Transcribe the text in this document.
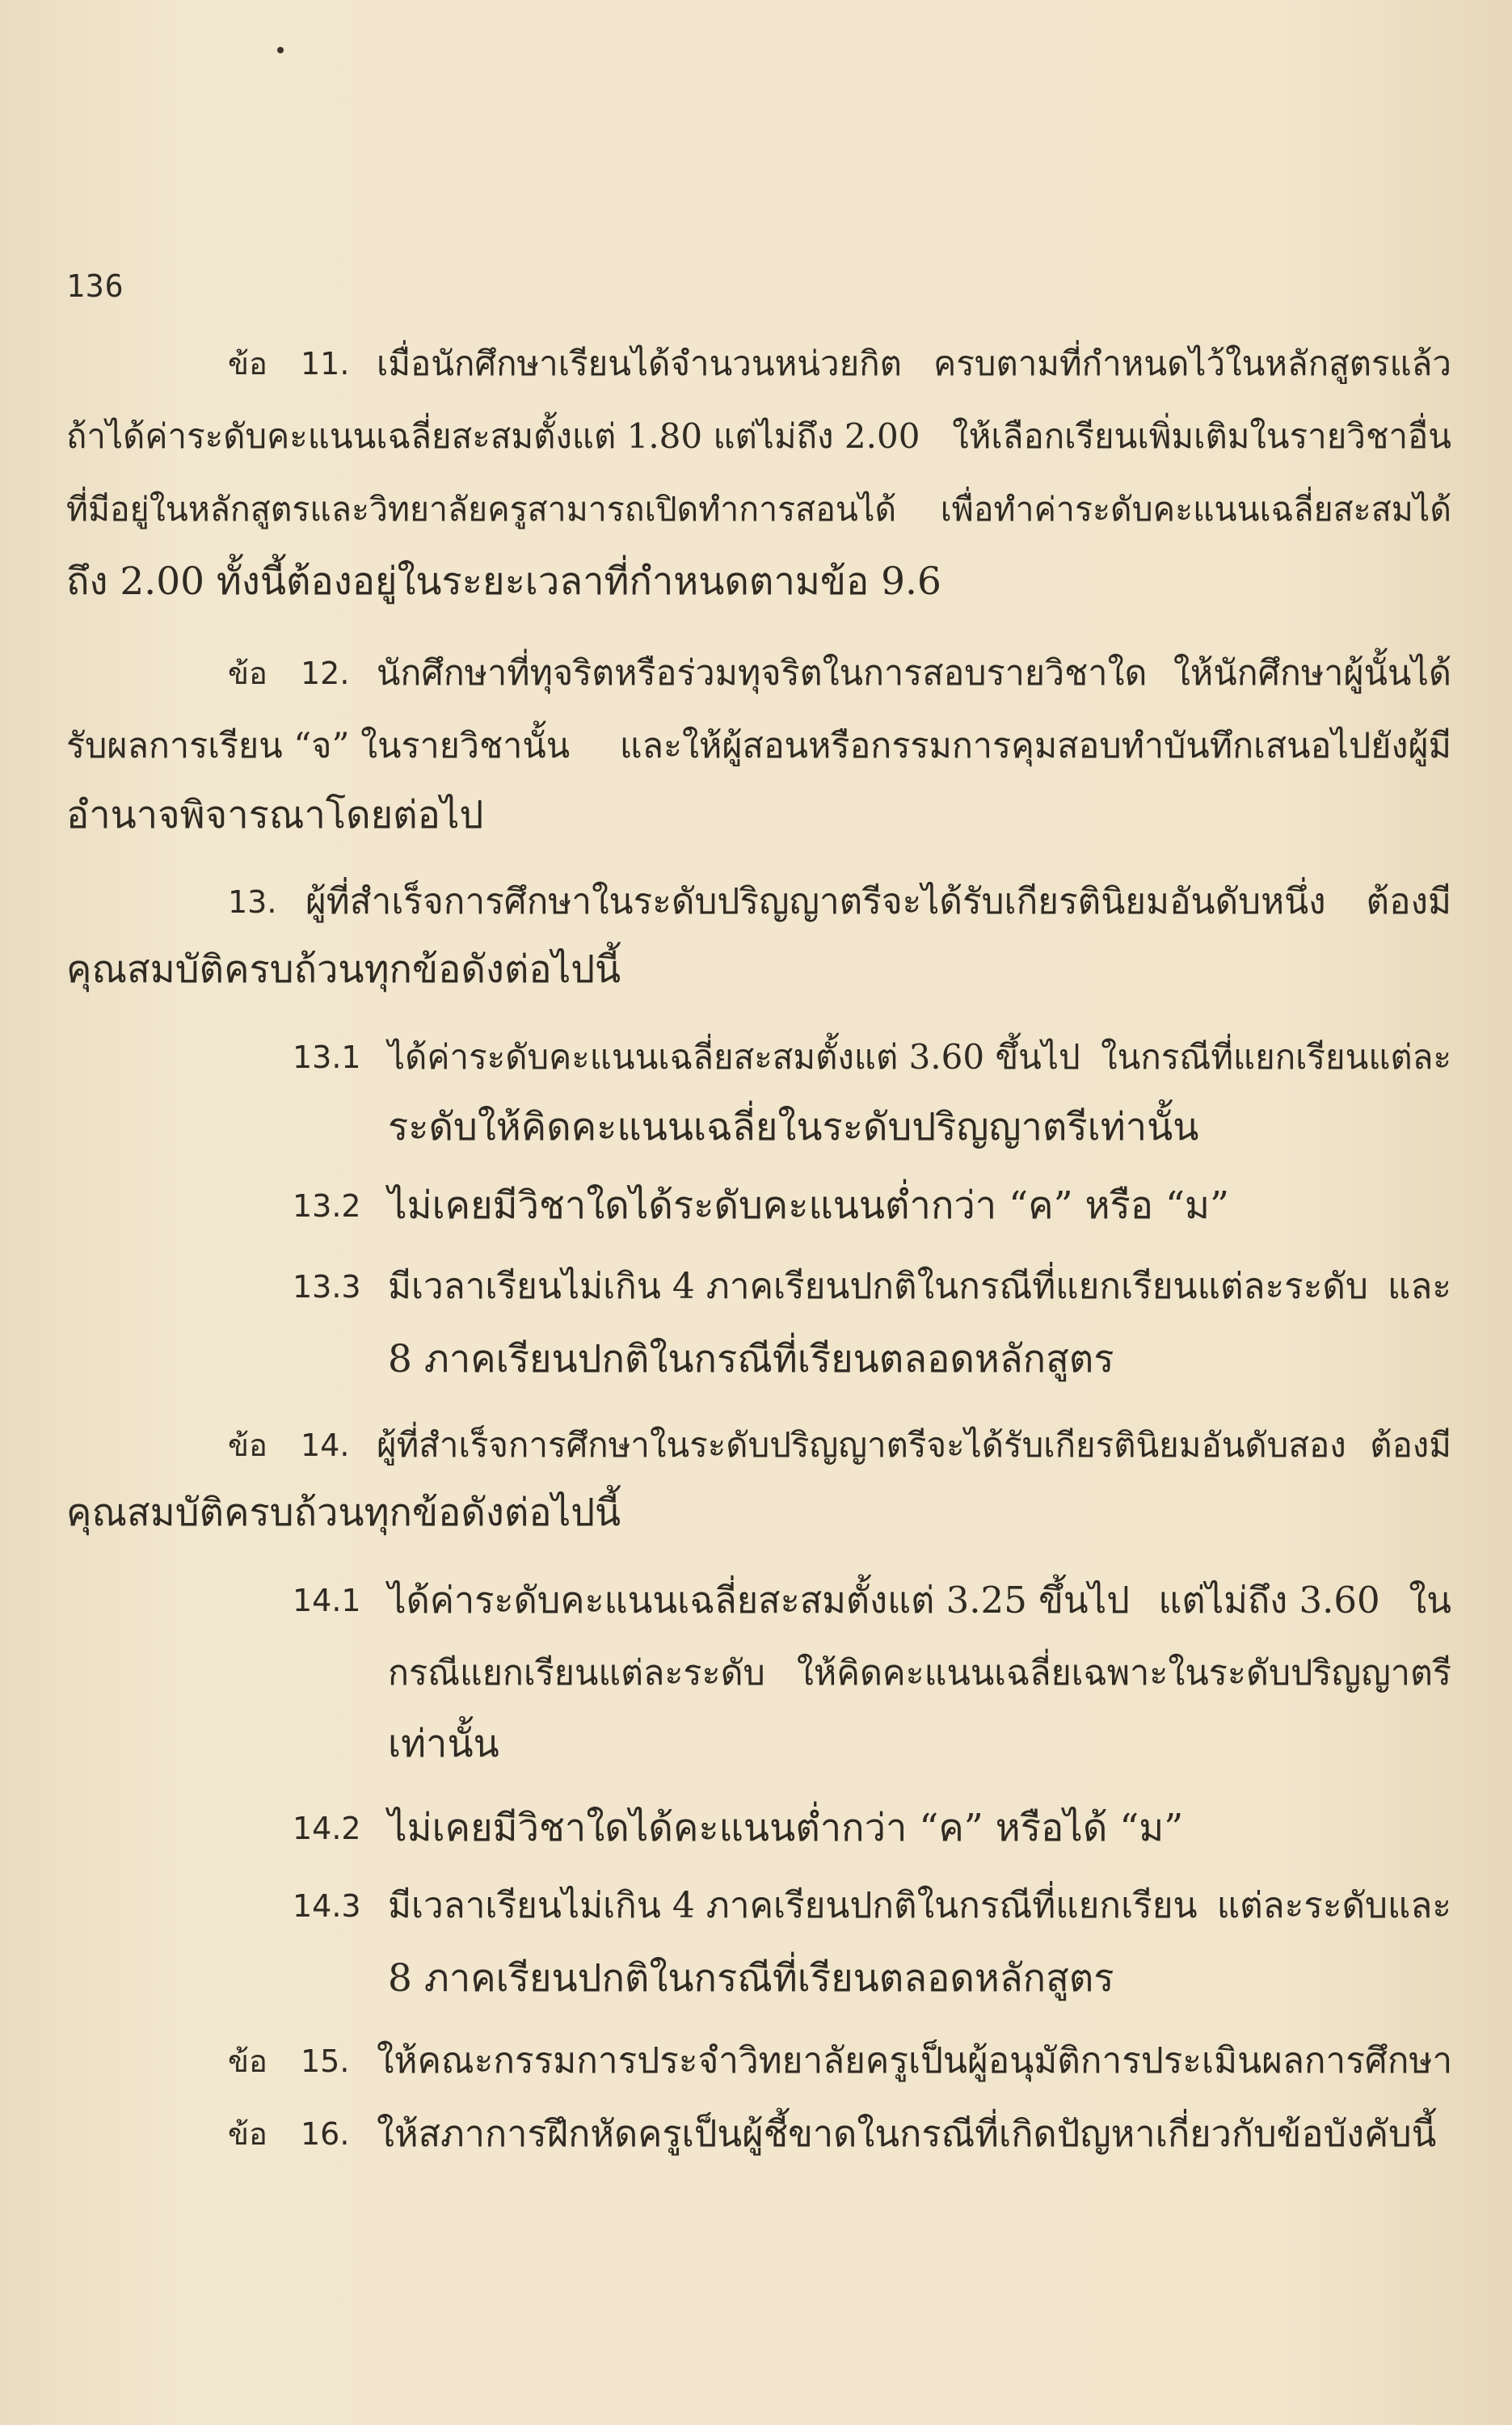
136
ข้อ 11. เมื่อนักศึกษาเรียนได้จำนวนหน่วยกิต ครบตามที่กำหนดไว้ในหลักสูตรแล้ว
ถ้าได้ค่าระดับคะแนนเฉลี่ยสะสมตั้งแต่ 1.80 แต่ไม่ถึง 2.00 ให้เลือกเรียนเพิ่มเติมในรายวิชาอื่น
ที่มีอยู่ในหลักสูตรและวิทยาลัยครูสามารถเปิดทำการสอนได้ เพื่อทำค่าระดับคะแนนเฉลี่ยสะสมได้
ถึง 2.00 ทั้งนี้ต้องอยู่ในระยะเวลาที่กำหนดตามข้อ 9.6
ข้อ 12. นักศึกษาที่ทุจริตหรือร่วมทุจริตในการสอบรายวิชาใด ให้นักศึกษาผู้นั้นได้
รับผลการเรียน “จ” ในรายวิชานั้น และให้ผู้สอนหรือกรรมการคุมสอบทำบันทึกเสนอไปยังผู้มี
อำนาจพิจารณาโดยต่อไป
13. ผู้ที่สำเร็จการศึกษาในระดับปริญญาตรีจะได้รับเกียรตินิยมอันดับหนึ่ง ต้องมี
คุณสมบัติครบถ้วนทุกข้อดังต่อไปนี้
13.1 ได้ค่าระดับคะแนนเฉลี่ยสะสมตั้งแต่ 3.60 ขึ้นไป ในกรณีที่แยกเรียนแต่ละ
ระดับให้คิดคะแนนเฉลี่ยในระดับปริญญาตรีเท่านั้น
13.2 ไม่เคยมีวิชาใดได้ระดับคะแนนต่ำกว่า “ค” หรือ “ม”
13.3 มีเวลาเรียนไม่เกิน 4 ภาคเรียนปกติในกรณีที่แยกเรียนแต่ละระดับ และ
8 ภาคเรียนปกติในกรณีที่เรียนตลอดหลักสูตร
ข้อ 14. ผู้ที่สำเร็จการศึกษาในระดับปริญญาตรีจะได้รับเกียรตินิยมอันดับสอง ต้องมี
คุณสมบัติครบถ้วนทุกข้อดังต่อไปนี้
14.1 ได้ค่าระดับคะแนนเฉลี่ยสะสมตั้งแต่ 3.25 ขึ้นไป แต่ไม่ถึง 3.60 ใน
กรณีแยกเรียนแต่ละระดับ ให้คิดคะแนนเฉลี่ยเฉพาะในระดับปริญญาตรี
เท่านั้น
14.2 ไม่เคยมีวิชาใดได้คะแนนต่ำกว่า “ค” หรือได้ “ม”
14.3 มีเวลาเรียนไม่เกิน 4 ภาคเรียนปกติในกรณีที่แยกเรียน แต่ละระดับและ
8 ภาคเรียนปกติในกรณีที่เรียนตลอดหลักสูตร
ข้อ 15. ให้คณะกรรมการประจำวิทยาลัยครูเป็นผู้อนุมัติการประเมินผลการศึกษา
ข้อ 16. ให้สภาการฝึกหัดครูเป็นผู้ชี้ขาดในกรณีที่เกิดปัญหาเกี่ยวกับข้อบังคับนี้
